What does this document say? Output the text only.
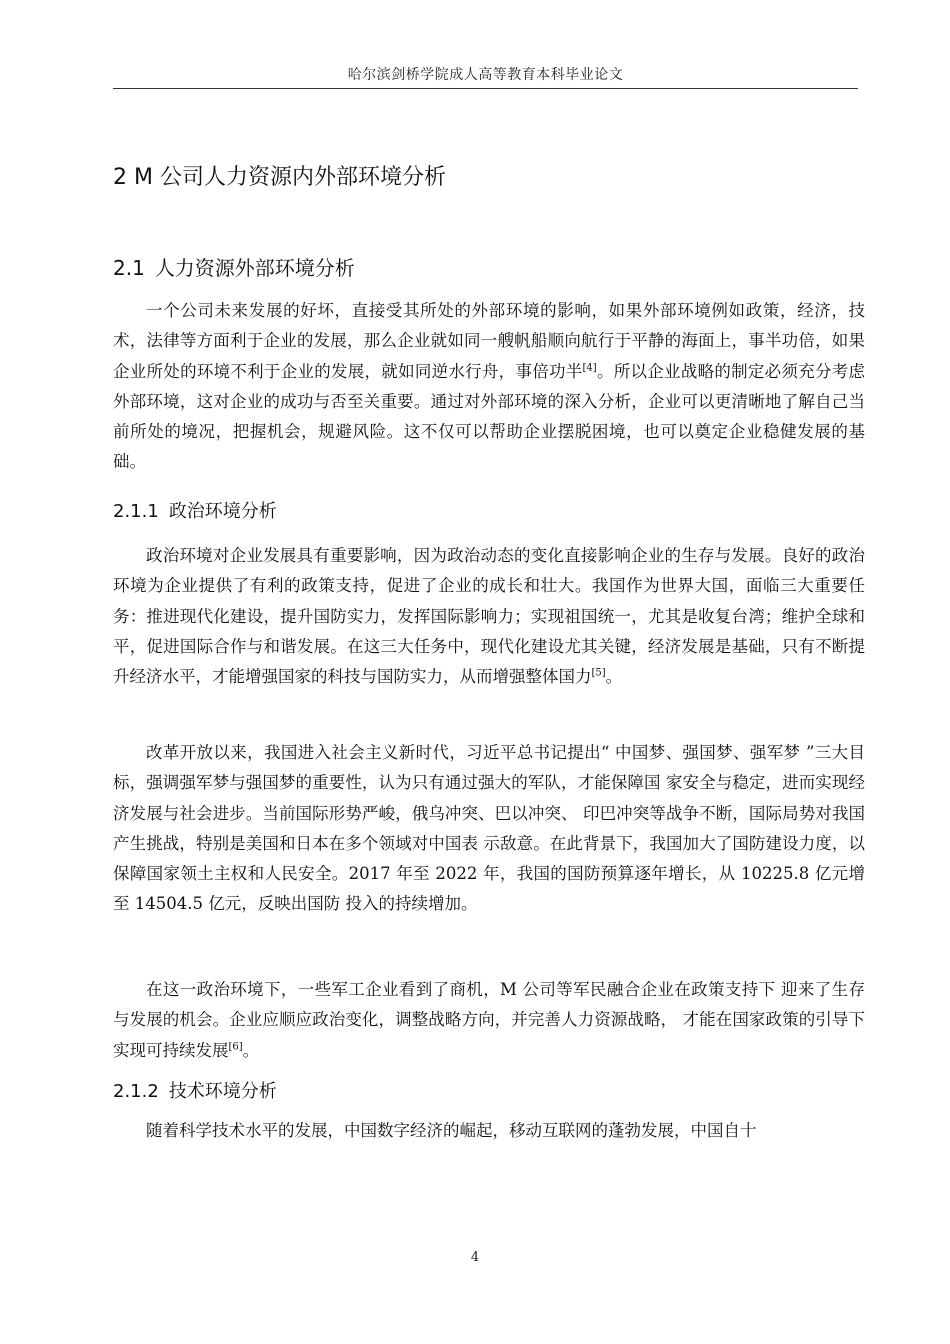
哈尔滨剑桥学院成人高等教育本科毕业论文
2 M 公司人力资源内外部环境分析
2.1 人力资源外部环境分析

一个公司未来发展的好坏，直接受其所处的外部环境的影响，如果外部环境例如政策，经济，技术，法律等方面利于企业的发展，那么企业就如同一艘帆船顺向航行于平静的海面上，事半功倍，如果企业所处的环境不利于企业的发展，就如同逆水行舟，事倍功半[4]。所以企业战略的制定必须充分考虑外部环境，这对企业的成功与否至关重要。通过对外部环境的深入分析，企业可以更清晰地了解自己当前所处的境况，把握机会，规避风险。这不仅可以帮助企业摆脱困境，也可以奠定企业稳健发展的基础。

2.1.1 政治环境分析

政治环境对企业发展具有重要影响，因为政治动态的变化直接影响企业的生存与发展。良好的政治环境为企业提供了有利的政策支持，促进了企业的成长和壮大。我国作为世界大国，面临三大重要任务：推进现代化建设，提升国防实力，发挥国际影响力；实现祖国统一，尤其是收复台湾；维护全球和平，促进国际合作与和谐发展。在这三大任务中，现代化建设尤其关键，经济发展是基础，只有不断提升经济水平，才能增强国家的科技与国防实力，从而增强整体国力[5]。

改革开放以来，我国进入社会主义新时代，习近平总书记提出“ 中国梦、强国梦、强军梦 ”三大目标，强调强军梦与强国梦的重要性，认为只有通过强大的军队，才能保障国 家安全与稳定，进而实现经济发展与社会进步。当前国际形势严峻，俄乌冲突、巴以冲突、 印巴冲突等战争不断，国际局势对我国产生挑战，特别是美国和日本在多个领域对中国表 示敌意。在此背景下，我国加大了国防建设力度，以保障国家领土主权和人民安全。2017 年至 2022 年，我国的国防预算逐年增长，从 10225.8 亿元增至 14504.5 亿元，反映出国防 投入的持续增加。

在这一政治环境下，一些军工企业看到了商机，M 公司等军民融合企业在政策支持下 迎来了生存与发展的机会。企业应顺应政治变化，调整战略方向，并完善人力资源战略， 才能在国家政策的引导下实现可持续发展[6]。

2.1.2 技术环境分析

随着科学技术水平的发展，中国数字经济的崛起，移动互联网的蓬勃发展，中国自十

4
